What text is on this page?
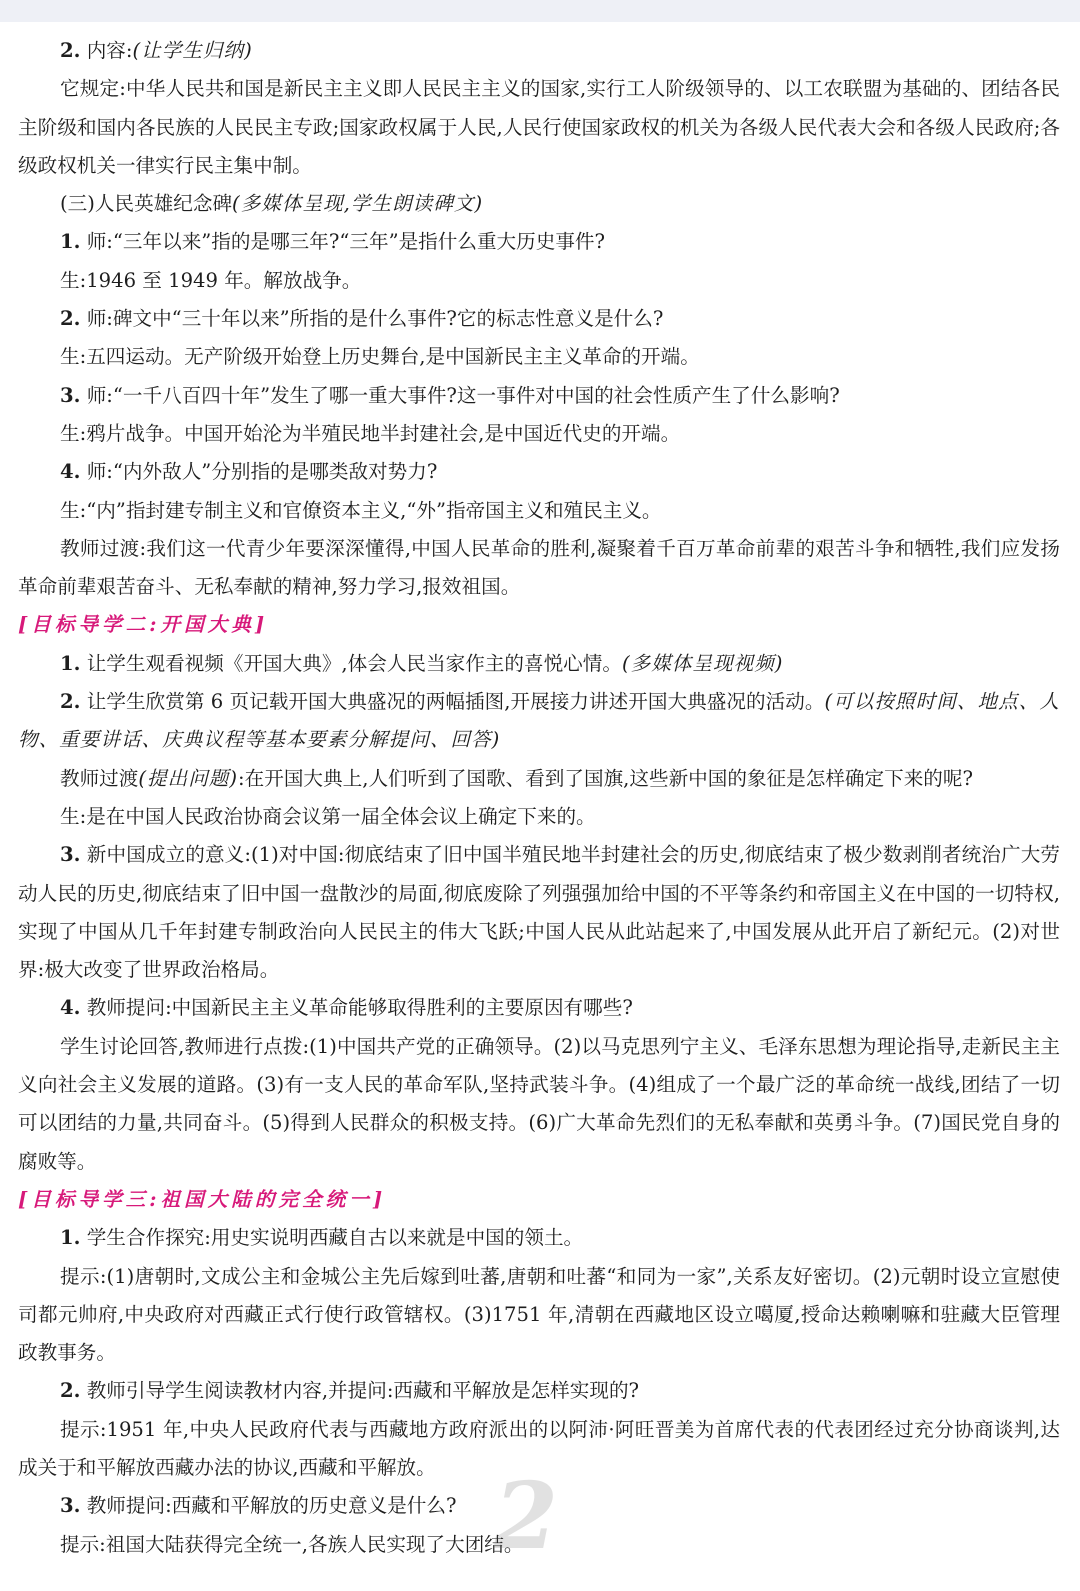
2. 内容:(让学生归纳)

它规定:中华人民共和国是新民主主义即人民民主主义的国家,实行工人阶级领导的、以工农联盟为基础的、团结各民主阶级和国内各民族的人民民主专政;国家政权属于人民,人民行使国家政权的机关为各级人民代表大会和各级人民政府;各级政权机关一律实行民主集中制。

(三)人民英雄纪念碑(多媒体呈现,学生朗读碑文)

1. 师:“三年以来”指的是哪三年?“三年”是指什么重大历史事件?

生:1946 至 1949 年。解放战争。

2. 师:碑文中“三十年以来”所指的是什么事件?它的标志性意义是什么?

生:五四运动。无产阶级开始登上历史舞台,是中国新民主主义革命的开端。

3. 师:“一千八百四十年”发生了哪一重大事件?这一事件对中国的社会性质产生了什么影响?

生:鸦片战争。中国开始沦为半殖民地半封建社会,是中国近代史的开端。

4. 师:“内外敌人”分别指的是哪类敌对势力?

生:“内”指封建专制主义和官僚资本主义,“外”指帝国主义和殖民主义。

教师过渡:我们这一代青少年要深深懂得,中国人民革命的胜利,凝聚着千百万革命前辈的艰苦斗争和牺牲,我们应发扬革命前辈艰苦奋斗、无私奉献的精神,努力学习,报效祖国。

[目标导学二:开国大典]

1. 让学生观看视频《开国大典》,体会人民当家作主的喜悦心情。(多媒体呈现视频)

2. 让学生欣赏第 6 页记载开国大典盛况的两幅插图,开展接力讲述开国大典盛况的活动。(可以按照时间、地点、人物、重要讲话、庆典议程等基本要素分解提问、回答)

教师过渡(提出问题):在开国大典上,人们听到了国歌、看到了国旗,这些新中国的象征是怎样确定下来的呢?

生:是在中国人民政治协商会议第一届全体会议上确定下来的。

3. 新中国成立的意义:(1)对中国:彻底结束了旧中国半殖民地半封建社会的历史,彻底结束了极少数剥削者统治广大劳动人民的历史,彻底结束了旧中国一盘散沙的局面,彻底废除了列强强加给中国的不平等条约和帝国主义在中国的一切特权,实现了中国从几千年封建专制政治向人民民主的伟大飞跃;中国人民从此站起来了,中国发展从此开启了新纪元。(2)对世界:极大改变了世界政治格局。

4. 教师提问:中国新民主主义革命能够取得胜利的主要原因有哪些?

学生讨论回答,教师进行点拨:(1)中国共产党的正确领导。(2)以马克思列宁主义、毛泽东思想为理论指导,走新民主主义向社会主义发展的道路。(3)有一支人民的革命军队,坚持武装斗争。(4)组成了一个最广泛的革命统一战线,团结了一切可以团结的力量,共同奋斗。(5)得到人民群众的积极支持。(6)广大革命先烈们的无私奉献和英勇斗争。(7)国民党自身的腐败等。

[目标导学三:祖国大陆的完全统一]

1. 学生合作探究:用史实说明西藏自古以来就是中国的领土。

提示:(1)唐朝时,文成公主和金城公主先后嫁到吐蕃,唐朝和吐蕃“和同为一家”,关系友好密切。(2)元朝时设立宣慰使司都元帅府,中央政府对西藏正式行使行政管辖权。(3)1751 年,清朝在西藏地区设立噶厦,授命达赖喇嘛和驻藏大臣管理政教事务。

2. 教师引导学生阅读教材内容,并提问:西藏和平解放是怎样实现的?

提示:1951 年,中央人民政府代表与西藏地方政府派出的以阿沛·阿旺晋美为首席代表的代表团经过充分协商谈判,达成关于和平解放西藏办法的协议,西藏和平解放。

3. 教师提问:西藏和平解放的历史意义是什么?

提示:祖国大陆获得完全统一,各族人民实现了大团结。

2
